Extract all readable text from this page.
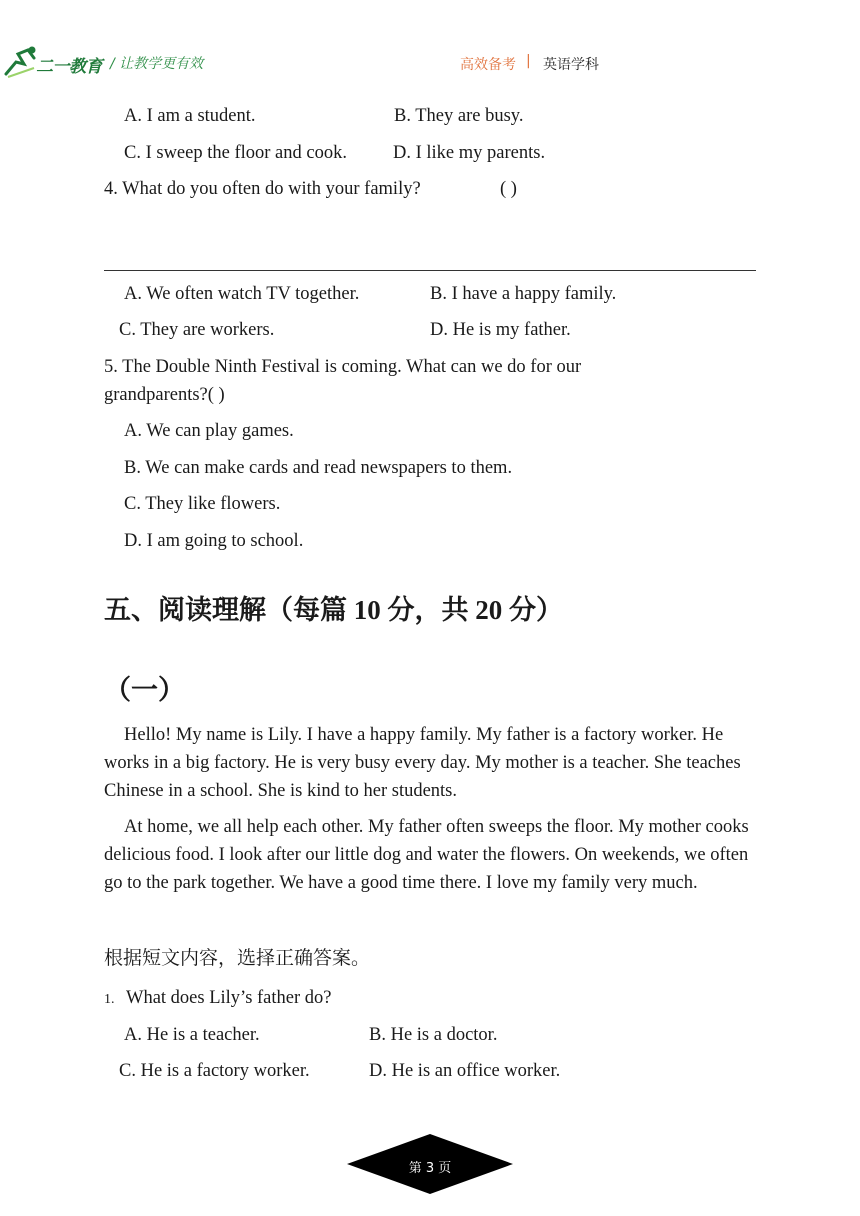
二一教育 / 让教学更有效	高效备考 | 英语学科
A. I am a student.	B. They are busy.
C. I sweep the floor and cook. D. I like my parents.
4. What do you often do with your family?	( )
A. We often watch TV together.	B. I have a happy family.
C. They are workers.	D. He is my father.
5. The Double Ninth Festival is coming. What can we do for our
grandparents?( )
A. We can play games.
B. We can make cards and read newspapers to them.
C. They like flowers.
D. I am going to school.
五、阅读理解（每篇 10 分，共 20 分）
（一）
Hello! My name is Lily. I have a happy family. My father is a factory worker. He works in a big factory. He is very busy every day. My mother is a teacher. She teaches Chinese in a school. She is kind to her students.
At home, we all help each other. My father often sweeps the floor. My mother cooks delicious food. I look after our little dog and water the flowers. On weekends, we often go to the park together. We have a good time there. I love my family very much.
根据短文内容，选择正确答案。
1. What does Lily’s father do?
A. He is a teacher.	B. He is a doctor.
C. He is a factory worker.	D. He is an office worker.
第 3 页
